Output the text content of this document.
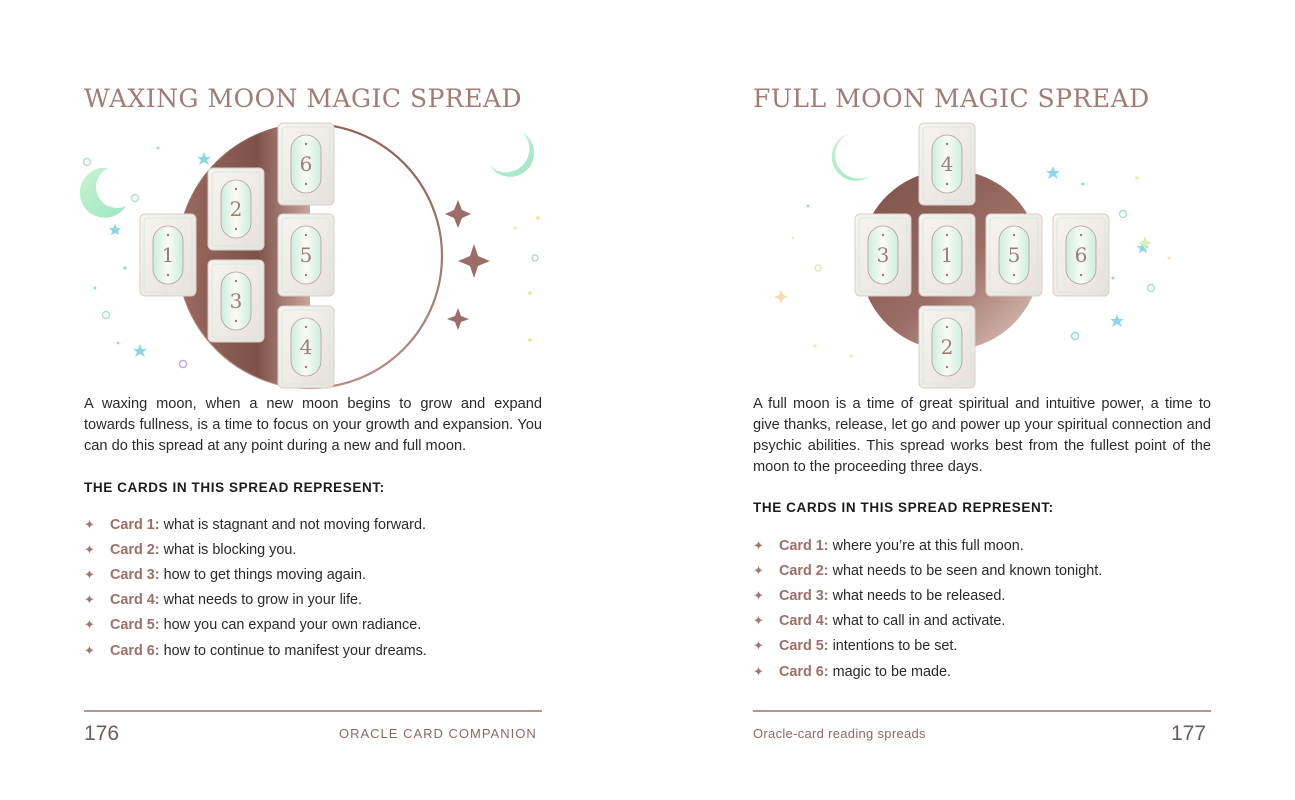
WAXING MOON MAGIC SPREAD
1
2
3
6
5
4

A waxing moon, when a new moon begins to grow and expand towards fullness, is a time to focus on your growth and expansion. You can do this spread at any point during a new and full moon.

THE CARDS IN THIS SPREAD REPRESENT:

✦	Card 1: what is stagnant and not moving forward.
✦	Card 2: what is blocking you.
✦	Card 3: how to get things moving again.
✦	Card 4: what needs to grow in your life.
✦	Card 5: how you can expand your own radiance.
✦	Card 6: how to continue to manifest your dreams.
176	ORACLE CARD COMPANION
FULL MOON MAGIC SPREAD
4
3	1	5	6
2

A full moon is a time of great spiritual and intuitive power, a time to give thanks, release, let go and power up your spiritual connection and psychic abilities. This spread works best from the fullest point of the moon to the proceeding three days.

THE CARDS IN THIS SPREAD REPRESENT:

✦	Card 1: where you’re at this full moon.
✦	Card 2: what needs to be seen and known tonight.
✦	Card 3: what needs to be released.
✦	Card 4: what to call in and activate.
✦	Card 5: intentions to be set.
✦	Card 6: magic to be made.
Oracle-card reading spreads	177
